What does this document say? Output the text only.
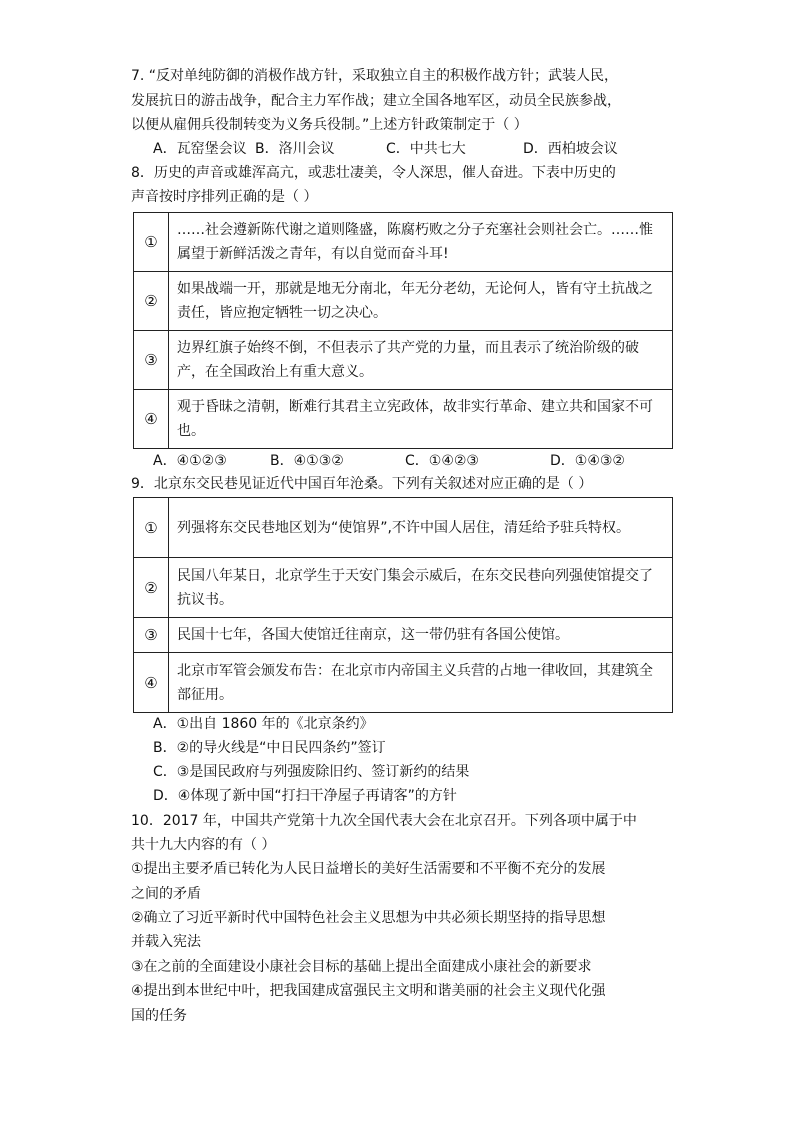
7. “反对单纯防御的消极作战方针，采取独立自主的积极作战方针；武装人民，
发展抗日的游击战争，配合主力军作战；建立全国各地军区，动员全民族参战，
以便从雇佣兵役制转变为义务兵役制。”上述方针政策制定于（ ）
A．瓦窑堡会议 B．洛川会议	C．中共七大	D．西柏坡会议
8．历史的声音或雄浑高亢，或悲壮凄美，令人深思，催人奋进。下表中历史的
声音按时序排列正确的是（ ）
①	……社会遵新陈代谢之道则隆盛，陈腐朽败之分子充塞社会则社会亡。……惟属望于新鲜活泼之青年，有以自觉而奋斗耳!
②	如果战端一开，那就是地无分南北，年无分老幼，无论何人，皆有守土抗战之责任，皆应抱定牺牲一切之决心。
③	边界红旗子始终不倒，不但表示了共产党的力量，而且表示了统治阶级的破产，在全国政治上有重大意义。
④	观于昏昧之清朝，断难行其君主立宪政体，故非实行革命、建立共和国家不可也。
A．④①②③	B．④①③②	C．①④②③	D．①④③②
9．北京东交民巷见证近代中国百年沧桑。下列有关叙述对应正确的是（ ）
①	列强将东交民巷地区划为“使馆界”,不许中国人居住，清廷给予驻兵特权。
②	民国八年某日，北京学生于天安门集会示威后，在东交民巷向列强使馆提交了抗议书。
③	民国十七年，各国大使馆迁往南京，这一带仍驻有各国公使馆。
④	北京市军管会颁发布告：在北京市内帝国主义兵营的占地一律收回，其建筑全部征用。
A．①出自 1860 年的《北京条约》
B．②的导火线是“中日民四条约”签订
C．③是国民政府与列强废除旧约、签订新约的结果
D．④体现了新中国“打扫干净屋子再请客”的方针
10．2017 年，中国共产党第十九次全国代表大会在北京召开。下列各项中属于中
共十九大内容的有（ ）
①提出主要矛盾已转化为人民日益增长的美好生活需要和不平衡不充分的发展
之间的矛盾
②确立了习近平新时代中国特色社会主义思想为中共必须长期坚持的指导思想
并载入宪法
③在之前的全面建设小康社会目标的基础上提出全面建成小康社会的新要求
④提出到本世纪中叶，把我国建成富强民主文明和谐美丽的社会主义现代化强
国的任务
